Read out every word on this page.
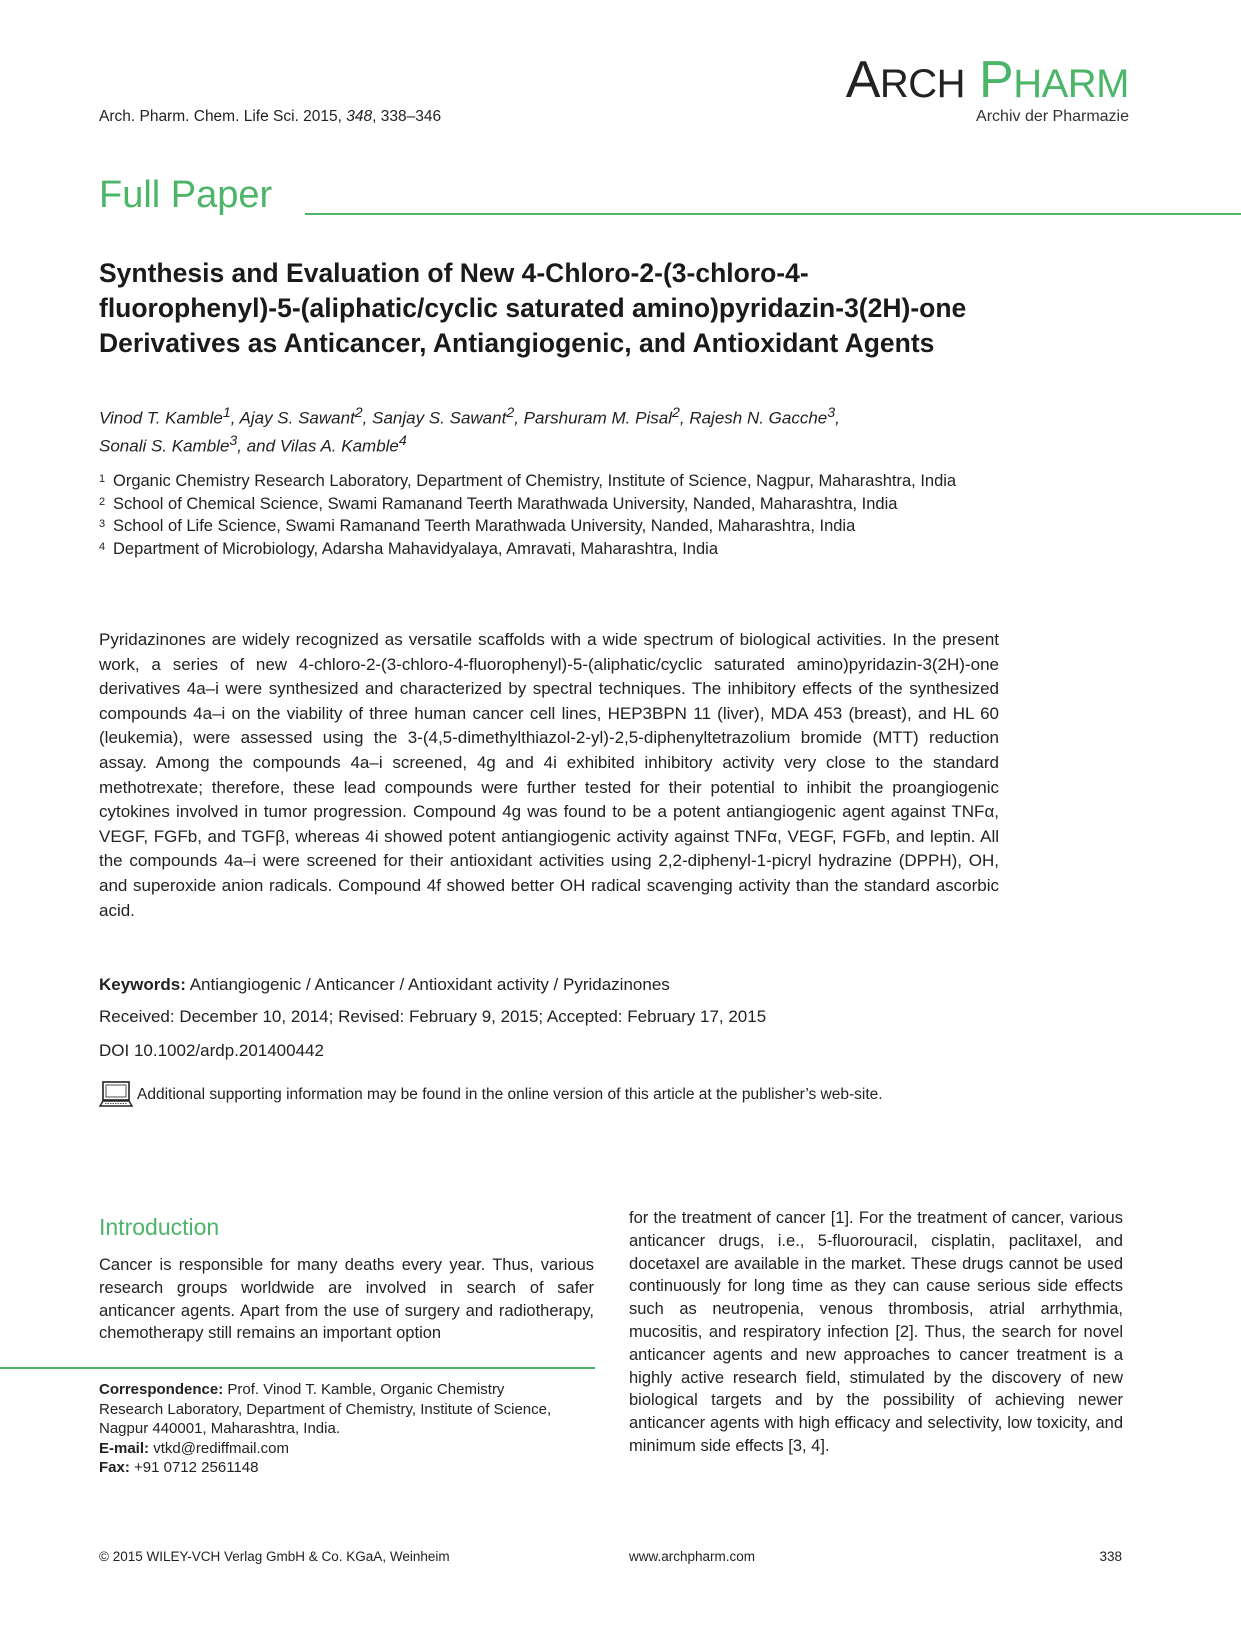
Arch. Pharm. Chem. Life Sci. 2015, 348, 338–346
ARCH PHARM
Archiv der Pharmazie
Full Paper
Synthesis and Evaluation of New 4-Chloro-2-(3-chloro-4-fluorophenyl)-5-(aliphatic/cyclic saturated amino)pyridazin-3(2H)-one Derivatives as Anticancer, Antiangiogenic, and Antioxidant Agents
Vinod T. Kamble$^1$, Ajay S. Sawant$^2$, Sanjay S. Sawant$^2$, Parshuram M. Pisal$^2$, Rajesh N. Gacche$^3$,
Sonali S. Kamble$^3$, and Vilas A. Kamble$^4$
1 Organic Chemistry Research Laboratory, Department of Chemistry, Institute of Science, Nagpur, Maharashtra, India
2 School of Chemical Science, Swami Ramanand Teerth Marathwada University, Nanded, Maharashtra, India
3 School of Life Science, Swami Ramanand Teerth Marathwada University, Nanded, Maharashtra, India
4 Department of Microbiology, Adarsha Mahavidyalaya, Amravati, Maharashtra, India
Pyridazinones are widely recognized as versatile scaffolds with a wide spectrum of biological activities. In the present work, a series of new 4-chloro-2-(3-chloro-4-fluorophenyl)-5-(aliphatic/cyclic saturated amino)pyridazin-3(2H)-one derivatives 4a–i were synthesized and characterized by spectral techniques. The inhibitory effects of the synthesized compounds 4a–i on the viability of three human cancer cell lines, HEP3BPN 11 (liver), MDA 453 (breast), and HL 60 (leukemia), were assessed using the 3-(4,5-dimethylthiazol-2-yl)-2,5-diphenyltetrazolium bromide (MTT) reduction assay. Among the compounds 4a–i screened, 4g and 4i exhibited inhibitory activity very close to the standard methotrexate; therefore, these lead compounds were further tested for their potential to inhibit the proangiogenic cytokines involved in tumor progression. Compound 4g was found to be a potent antiangiogenic agent against TNFα, VEGF, FGFb, and TGFβ, whereas 4i showed potent antiangiogenic activity against TNFα, VEGF, FGFb, and leptin. All the compounds 4a–i were screened for their antioxidant activities using 2,2-diphenyl-1-picryl hydrazine (DPPH), OH, and superoxide anion radicals. Compound 4f showed better OH radical scavenging activity than the standard ascorbic acid.
Keywords: Antiangiogenic / Anticancer / Antioxidant activity / Pyridazinones
Received: December 10, 2014; Revised: February 9, 2015; Accepted: February 17, 2015
DOI 10.1002/ardp.201400442
Additional supporting information may be found in the online version of this article at the publisher’s web-site.
Introduction
Cancer is responsible for many deaths every year. Thus, various research groups worldwide are involved in search of safer anticancer agents. Apart from the use of surgery and radiotherapy, chemotherapy still remains an important option
Correspondence: Prof. Vinod T. Kamble, Organic Chemistry Research Laboratory, Department of Chemistry, Institute of Science, Nagpur 440001, Maharashtra, India.
E-mail: vtkd@rediffmail.com
Fax: +91 0712 2561148
for the treatment of cancer [1]. For the treatment of cancer, various anticancer drugs, i.e., 5-fluorouracil, cisplatin, paclitaxel, and docetaxel are available in the market. These drugs cannot be used continuously for long time as they can cause serious side effects such as neutropenia, venous thrombosis, atrial arrhythmia, mucositis, and respiratory infection [2]. Thus, the search for novel anticancer agents and new approaches to cancer treatment is a highly active research field, stimulated by the discovery of new biological targets and by the possibility of achieving newer anticancer agents with high efficacy and selectivity, low toxicity, and minimum side effects [3, 4].
© 2015 WILEY-VCH Verlag GmbH & Co. KGaA, Weinheim	www.archpharm.com	338
